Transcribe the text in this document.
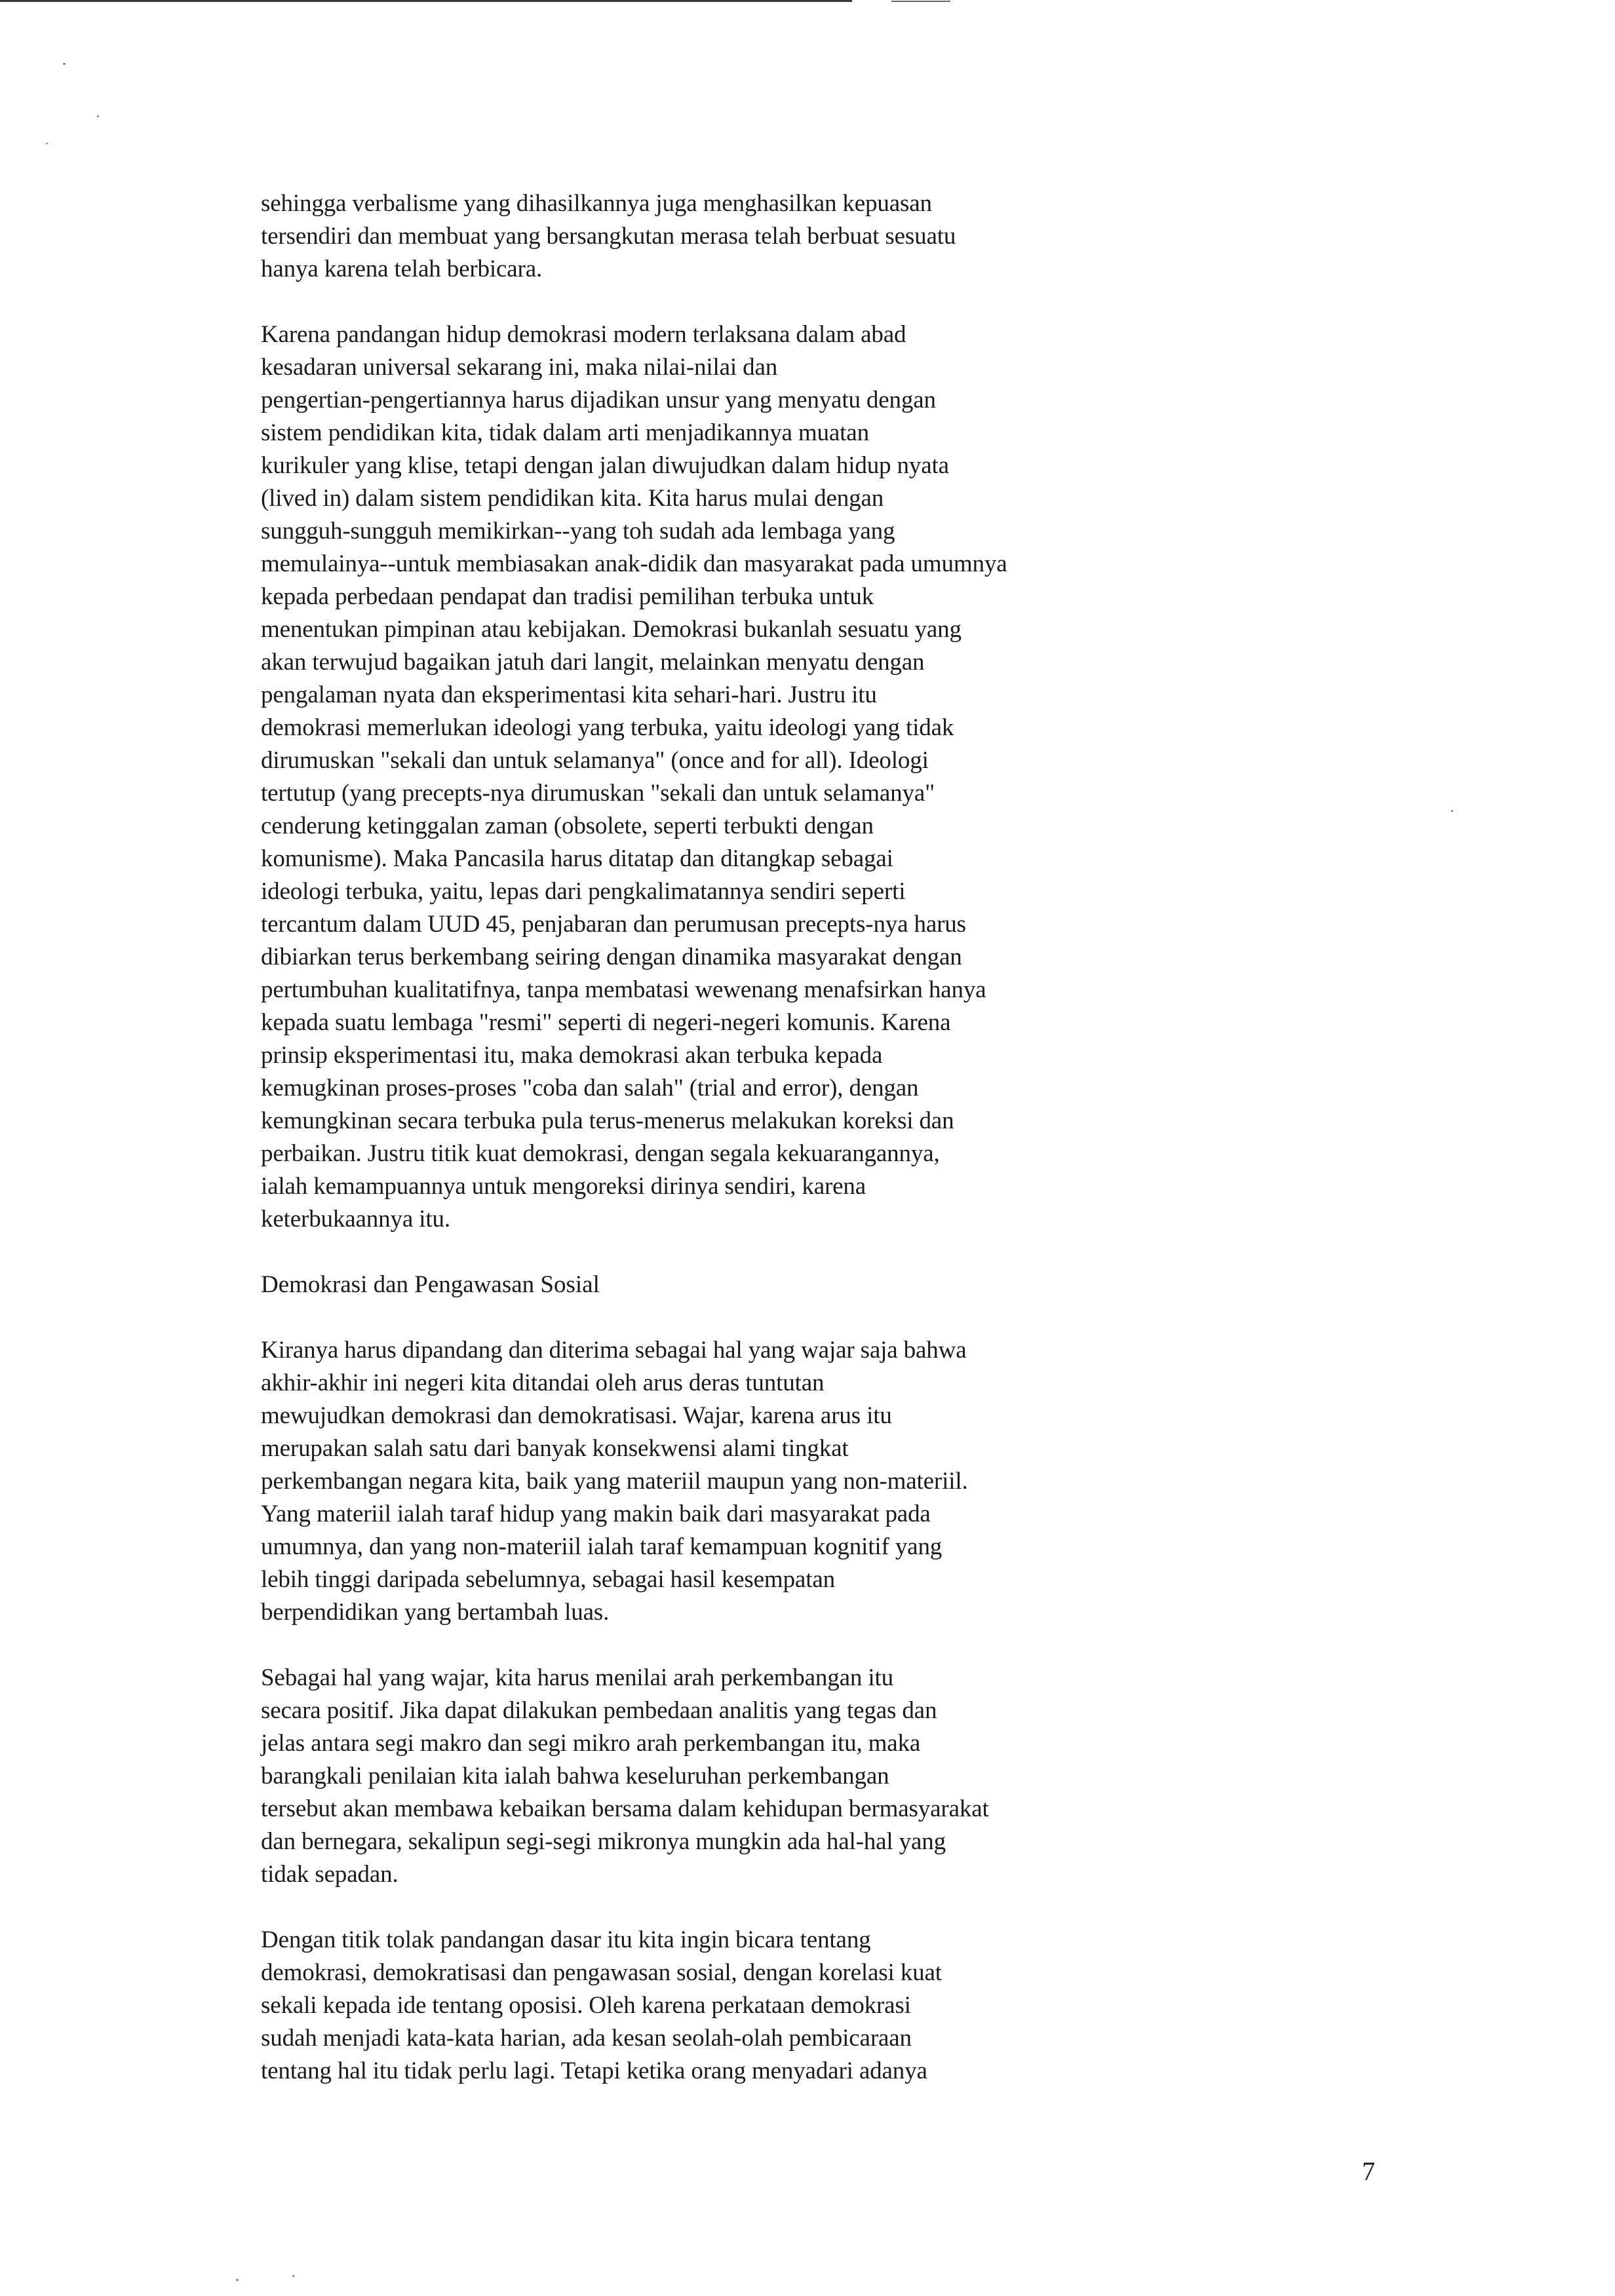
sehingga verbalisme yang dihasilkannya juga menghasilkan kepuasan
tersendiri dan membuat yang bersangkutan merasa telah berbuat sesuatu
hanya karena telah berbicara.
Karena pandangan hidup demokrasi modern terlaksana dalam abad
kesadaran universal sekarang ini, maka nilai-nilai dan
pengertian-pengertiannya harus dijadikan unsur yang menyatu dengan
sistem pendidikan kita, tidak dalam arti menjadikannya muatan
kurikuler yang klise, tetapi dengan jalan diwujudkan dalam hidup nyata
(lived in) dalam sistem pendidikan kita. Kita harus mulai dengan
sungguh-sungguh memikirkan--yang toh sudah ada lembaga yang
memulainya--untuk membiasakan anak-didik dan masyarakat pada umumnya
kepada perbedaan pendapat dan tradisi pemilihan terbuka untuk
menentukan pimpinan atau kebijakan. Demokrasi bukanlah sesuatu yang
akan terwujud bagaikan jatuh dari langit, melainkan menyatu dengan
pengalaman nyata dan eksperimentasi kita sehari-hari. Justru itu
demokrasi memerlukan ideologi yang terbuka, yaitu ideologi yang tidak
dirumuskan "sekali dan untuk selamanya" (once and for all). Ideologi
tertutup (yang precepts-nya dirumuskan "sekali dan untuk selamanya"
cenderung ketinggalan zaman (obsolete, seperti terbukti dengan
komunisme). Maka Pancasila harus ditatap dan ditangkap sebagai
ideologi terbuka, yaitu, lepas dari pengkalimatannya sendiri seperti
tercantum dalam UUD 45, penjabaran dan perumusan precepts-nya harus
dibiarkan terus berkembang seiring dengan dinamika masyarakat dengan
pertumbuhan kualitatifnya, tanpa membatasi wewenang menafsirkan hanya
kepada suatu lembaga "resmi" seperti di negeri-negeri komunis. Karena
prinsip eksperimentasi itu, maka demokrasi akan terbuka kepada
kemugkinan proses-proses "coba dan salah" (trial and error), dengan
kemungkinan secara terbuka pula terus-menerus melakukan koreksi dan
perbaikan. Justru titik kuat demokrasi, dengan segala kekuarangannya,
ialah kemampuannya untuk mengoreksi dirinya sendiri, karena
keterbukaannya itu.
Demokrasi dan Pengawasan Sosial
Kiranya harus dipandang dan diterima sebagai hal yang wajar saja bahwa
akhir-akhir ini negeri kita ditandai oleh arus deras tuntutan
mewujudkan demokrasi dan demokratisasi. Wajar, karena arus itu
merupakan salah satu dari banyak konsekwensi alami tingkat
perkembangan negara kita, baik yang materiil maupun yang non-materiil.
Yang materiil ialah taraf hidup yang makin baik dari masyarakat pada
umumnya, dan yang non-materiil ialah taraf kemampuan kognitif yang
lebih tinggi daripada sebelumnya, sebagai hasil kesempatan
berpendidikan yang bertambah luas.
Sebagai hal yang wajar, kita harus menilai arah perkembangan itu
secara positif. Jika dapat dilakukan pembedaan analitis yang tegas dan
jelas antara segi makro dan segi mikro arah perkembangan itu, maka
barangkali penilaian kita ialah bahwa keseluruhan perkembangan
tersebut akan membawa kebaikan bersama dalam kehidupan bermasyarakat
dan bernegara, sekalipun segi-segi mikronya mungkin ada hal-hal yang
tidak sepadan.
Dengan titik tolak pandangan dasar itu kita ingin bicara tentang
demokrasi, demokratisasi dan pengawasan sosial, dengan korelasi kuat
sekali kepada ide tentang oposisi. Oleh karena perkataan demokrasi
sudah menjadi kata-kata harian, ada kesan seolah-olah pembicaraan
tentang hal itu tidak perlu lagi. Tetapi ketika orang menyadari adanya
7
